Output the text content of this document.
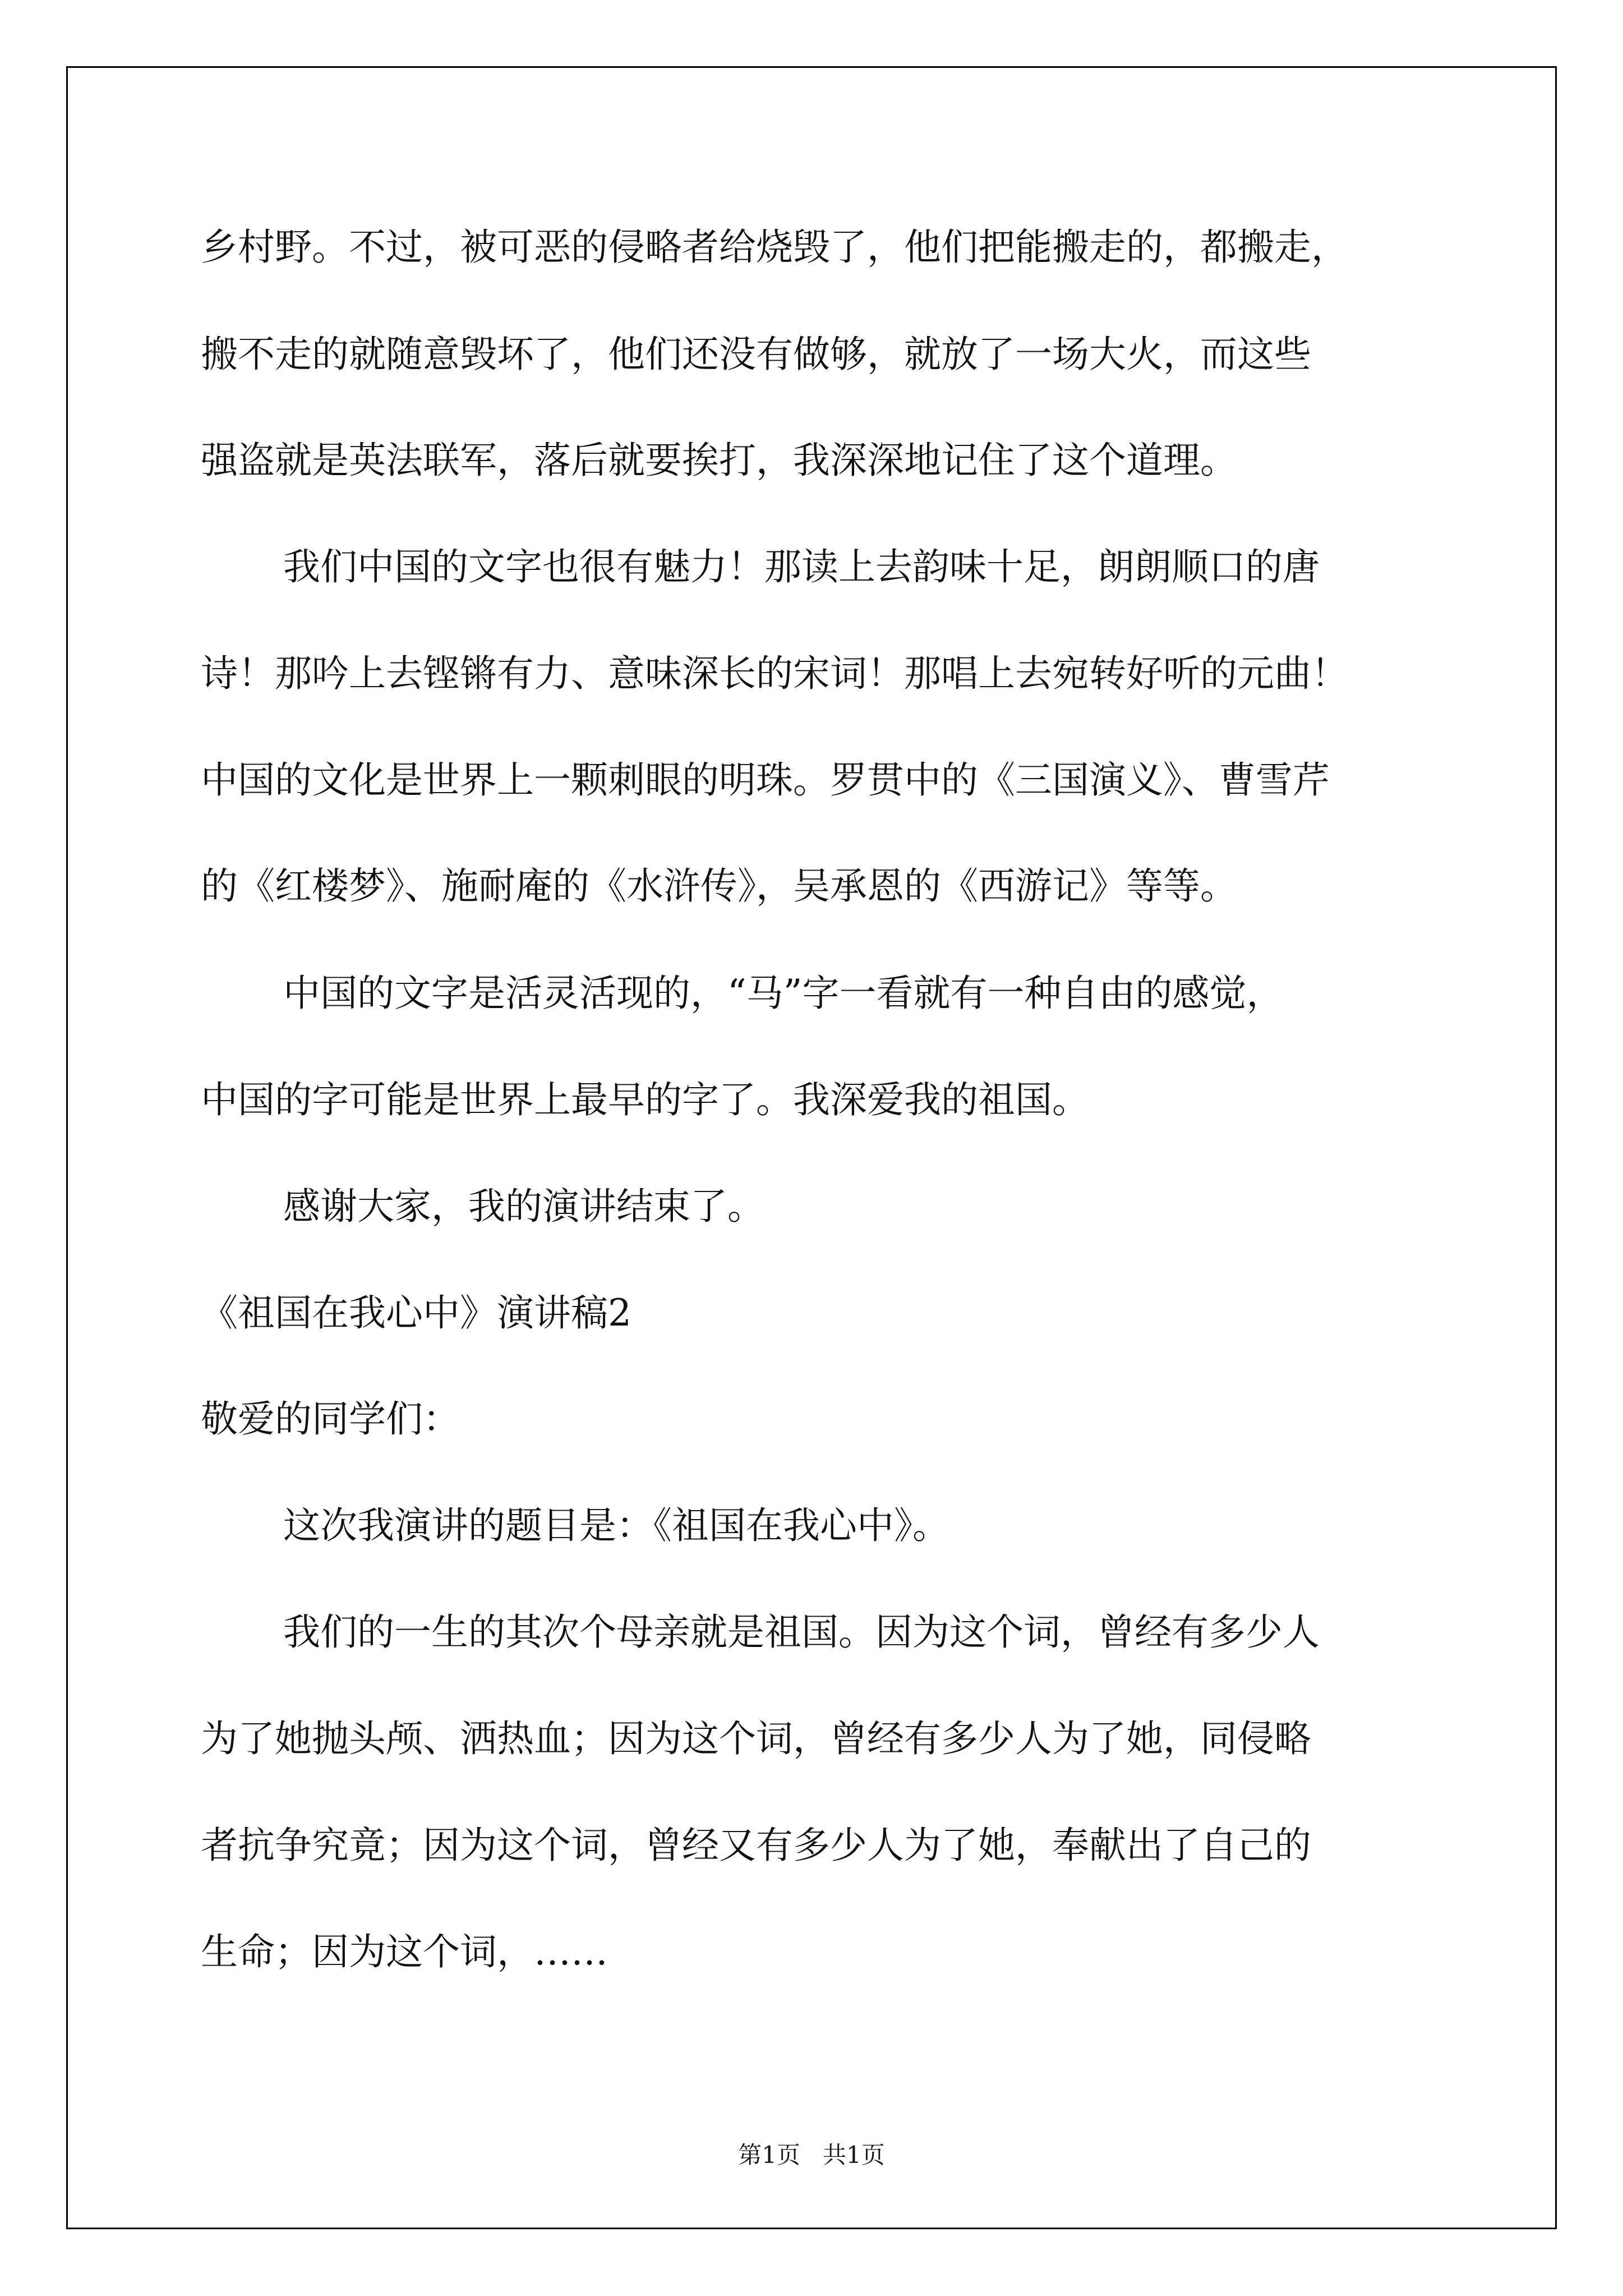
乡村野。不过，被可恶的侵略者给烧毁了，他们把能搬走的，都搬走，

搬不走的就随意毁坏了，他们还没有做够，就放了一场大火，而这些

强盗就是英法联军，落后就要挨打，我深深地记住了这个道理。

我们中国的文字也很有魅力！那读上去韵味十足，朗朗顺口的唐

诗！那吟上去铿锵有力、意味深长的宋词！那唱上去宛转好听的元曲！

中国的文化是世界上一颗刺眼的明珠。罗贯中的《三国演义》、曹雪芹

的《红楼梦》、施耐庵的《水浒传》，吴承恩的《西游记》等等。

中国的文字是活灵活现的，“马”字一看就有一种自由的感觉，

中国的字可能是世界上最早的字了。我深爱我的祖国。

感谢大家，我的演讲结束了。

《祖国在我心中》演讲稿2

敬爱的同学们：

这次我演讲的题目是：《祖国在我心中》。

我们的一生的其次个母亲就是祖国。因为这个词，曾经有多少人

为了她抛头颅、洒热血；因为这个词，曾经有多少人为了她，同侵略

者抗争究竟；因为这个词，曾经又有多少人为了她，奉献出了自己的

生命；因为这个词，……

第1页   共1页
